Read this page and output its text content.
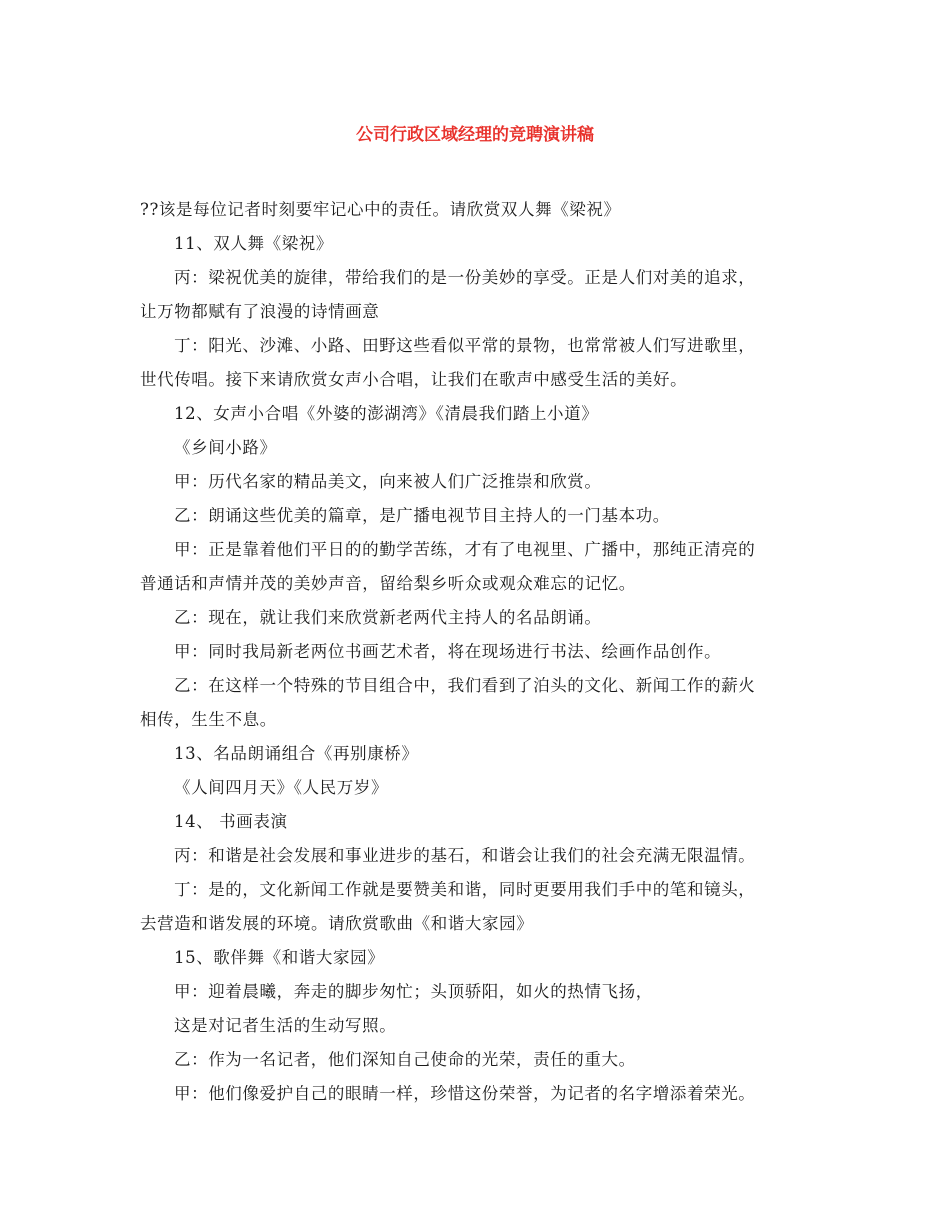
公司行政区域经理的竞聘演讲稿

??该是每位记者时刻要牢记心中的责任。请欣赏双人舞《梁祝》

11、双人舞《梁祝》

丙：梁祝优美的旋律，带给我们的是一份美妙的享受。正是人们对美的追求，

让万物都赋有了浪漫的诗情画意

丁：阳光、沙滩、小路、田野这些看似平常的景物，也常常被人们写进歌里，

世代传唱。接下来请欣赏女声小合唱，让我们在歌声中感受生活的美好。

12、女声小合唱《外婆的澎湖湾》《清晨我们踏上小道》

《乡间小路》

甲：历代名家的精品美文，向来被人们广泛推崇和欣赏。

乙：朗诵这些优美的篇章，是广播电视节目主持人的一门基本功。

甲：正是靠着他们平日的的勤学苦练，才有了电视里、广播中，那纯正清亮的

普通话和声情并茂的美妙声音，留给梨乡听众或观众难忘的记忆。

乙：现在，就让我们来欣赏新老两代主持人的名品朗诵。

甲：同时我局新老两位书画艺术者，将在现场进行书法、绘画作品创作。

乙：在这样一个特殊的节目组合中，我们看到了泊头的文化、新闻工作的薪火

相传，生生不息。

13、名品朗诵组合《再别康桥》

《人间四月天》《人民万岁》

14、 书画表演

丙：和谐是社会发展和事业进步的基石，和谐会让我们的社会充满无限温情。

丁：是的，文化新闻工作就是要赞美和谐，同时更要用我们手中的笔和镜头，

去营造和谐发展的环境。请欣赏歌曲《和谐大家园》

15、歌伴舞《和谐大家园》

甲：迎着晨曦，奔走的脚步匆忙；头顶骄阳，如火的热情飞扬，

这是对记者生活的生动写照。

乙：作为一名记者，他们深知自己使命的光荣，责任的重大。

甲：他们像爱护自己的眼睛一样，珍惜这份荣誉，为记者的名字增添着荣光。
